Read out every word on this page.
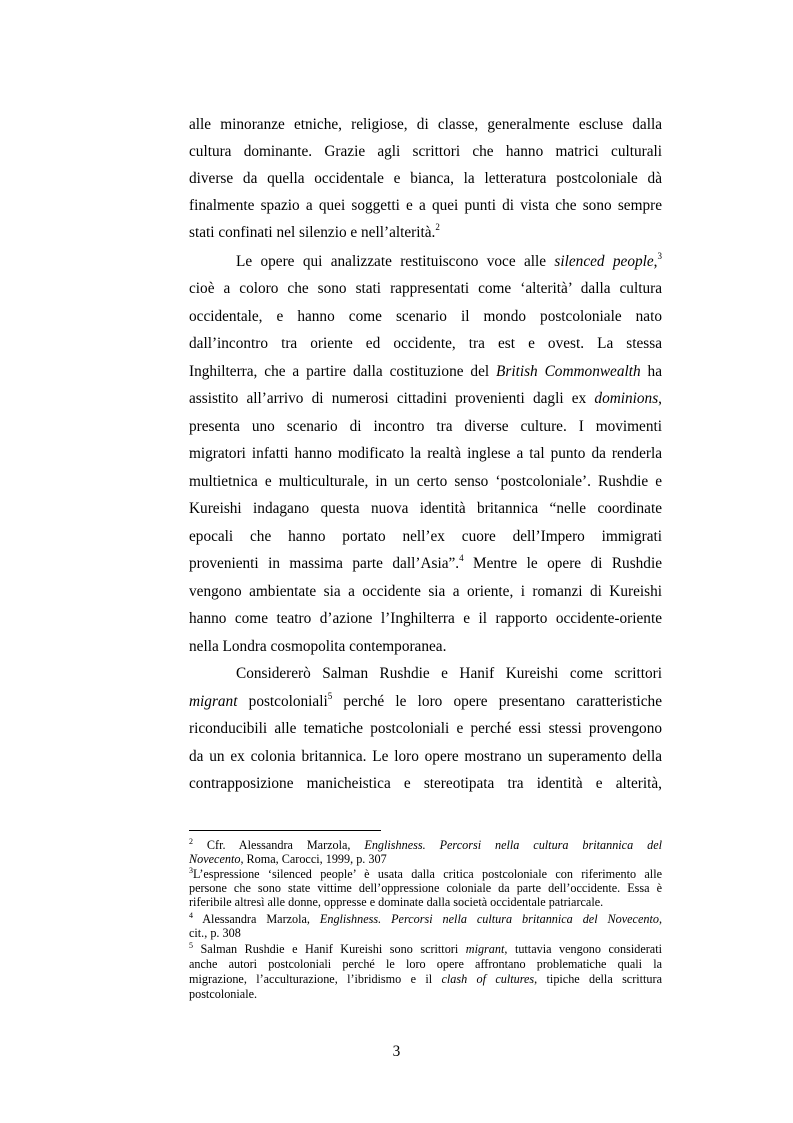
alle minoranze etniche, religiose, di classe, generalmente escluse dalla
cultura dominante. Grazie agli scrittori che hanno matrici culturali
diverse da quella occidentale e bianca, la letteratura postcoloniale dà
finalmente spazio a quei soggetti e a quei punti di vista che sono sempre
stati confinati nel silenzio e nell’alterità.$^2$
Le opere qui analizzate restituiscono voce alle silenced people,$^3$
cioè a coloro che sono stati rappresentati come ‘alterità’ dalla cultura
occidentale, e hanno come scenario il mondo postcoloniale nato
dall’incontro tra oriente ed occidente, tra est e ovest. La stessa
Inghilterra, che a partire dalla costituzione del British Commonwealth ha
assistito all’arrivo di numerosi cittadini provenienti dagli ex dominions,
presenta uno scenario di incontro tra diverse culture. I movimenti
migratori infatti hanno modificato la realtà inglese a tal punto da renderla
multietnica e multiculturale, in un certo senso ‘postcoloniale’. Rushdie e
Kureishi indagano questa nuova identità britannica “nelle coordinate
epocali che hanno portato nell’ex cuore dell’Impero immigrati
provenienti in massima parte dall’Asia”.$^4$ Mentre le opere di Rushdie
vengono ambientate sia a occidente sia a oriente, i romanzi di Kureishi
hanno come teatro d’azione l’Inghilterra e il rapporto occidente-oriente
nella Londra cosmopolita contemporanea.
Considererò Salman Rushdie e Hanif Kureishi come scrittori
migrant postcoloniali$^5$ perché le loro opere presentano caratteristiche
riconducibili alle tematiche postcoloniali e perché essi stessi provengono
da un ex colonia britannica. Le loro opere mostrano un superamento della
contrapposizione manicheistica e stereotipata tra identità e alterità,
$^2$ Cfr. Alessandra Marzola, Englishness. Percorsi nella cultura britannica del
Novecento, Roma, Carocci, 1999, p. 307
$^3$L’espressione ‘silenced people’ è usata dalla critica postcoloniale con riferimento alle
persone che sono state vittime dell’oppressione coloniale da parte dell’occidente. Essa è
riferibile altresì alle donne, oppresse e dominate dalla società occidentale patriarcale.
$^4$ Alessandra Marzola, Englishness. Percorsi nella cultura britannica del Novecento,
cit., p. 308
$^5$ Salman Rushdie e Hanif Kureishi sono scrittori migrant, tuttavia vengono considerati
anche autori postcoloniali perché le loro opere affrontano problematiche quali la
migrazione, l’acculturazione, l’ibridismo e il clash of cultures, tipiche della scrittura
postcoloniale.
3
